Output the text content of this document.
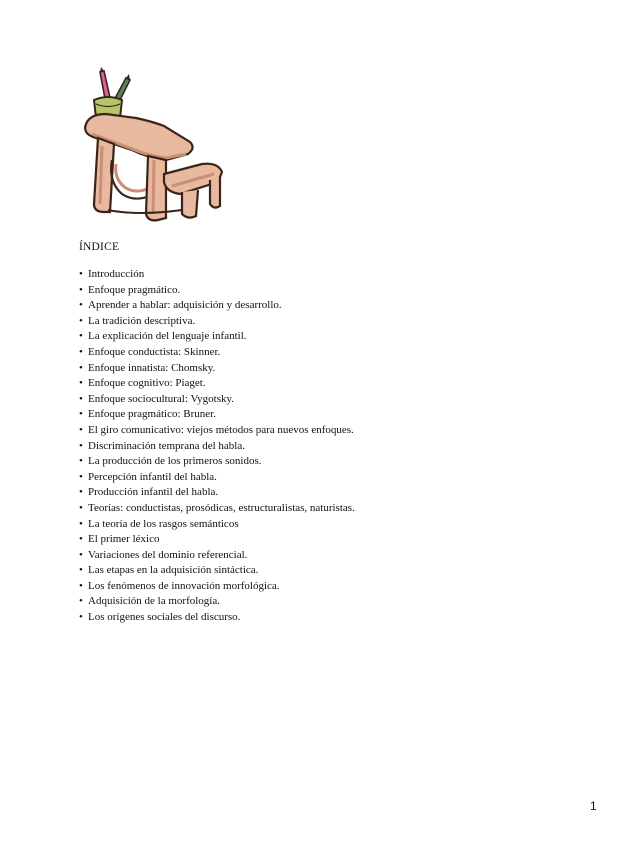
ÍNDICE
• Introducción
• Enfoque pragmático.
• Aprender a hablar: adquisición y desarrollo.
• La tradición descriptiva.
• La explicación del lenguaje infantil.
• Enfoque conductista: Skinner.
• Enfoque innatista: Chomsky.
• Enfoque cognitivo: Piaget.
• Enfoque sociocultural: Vygotsky.
• Enfoque pragmático: Bruner.
• El giro comunicativo: viejos métodos para nuevos enfoques.
• Discriminación temprana del habla.
• La producción de los primeros sonidos.
• Percepción infantil del habla.
• Producción infantil del habla.
• Teorías: conductistas, prosódicas, estructuralistas, naturistas.
• La teoría de los rasgos semánticos
• El primer léxico
• Variaciones del dominio referencial.
• Las etapas en la adquisición sintáctica.
• Los fenómenos de innovación morfológica.
• Adquisición de la morfología.
• Los orígenes sociales del discurso.
1
